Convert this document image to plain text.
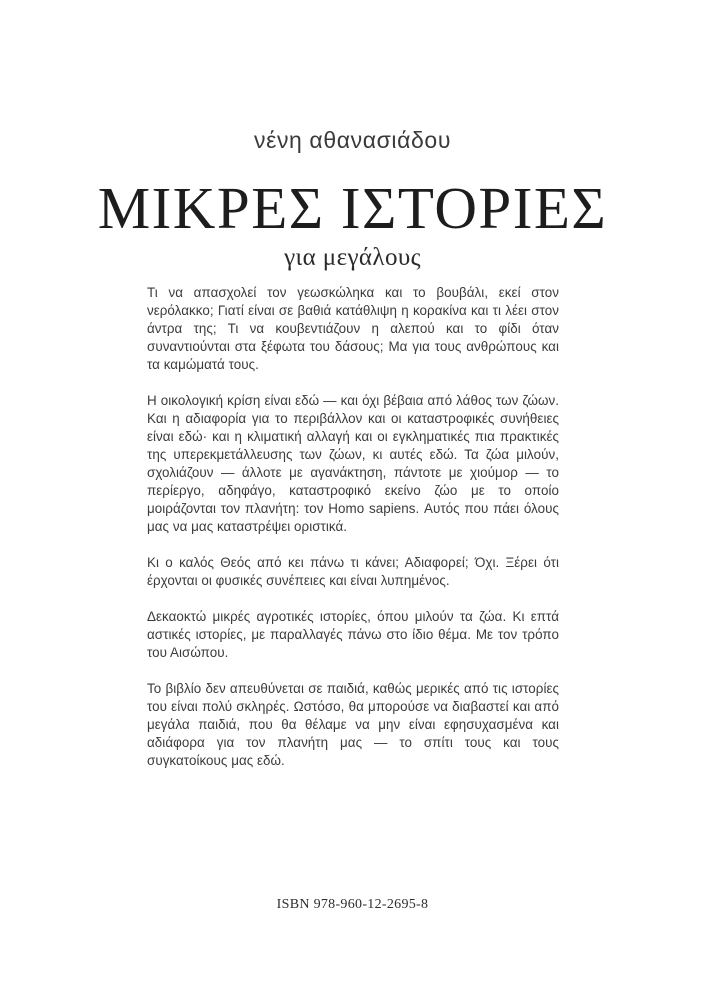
νένη αθανασιάδου
ΜΙΚΡΕΣ ΙΣΤΟΡΙΕΣ
για μεγάλους

Τι να απασχολεί τον γεωσκώληκα και το βουβάλι, εκεί στον νερόλακκο; Γιατί είναι σε βαθιά κατάθλιψη η κορακίνα και τι λέει στον άντρα της; Τι να κουβεντιάζουν η αλεπού και το φίδι όταν συναντιούνται στα ξέφωτα του δάσους; Μα για τους ανθρώπους και τα καμώματά τους.

Η οικολογική κρίση είναι εδώ — και όχι βέβαια από λάθος των ζώων. Και η αδιαφορία για το περιβάλλον και οι καταστροφικές συνήθειες είναι εδώ· και η κλιματική αλλαγή και οι εγκληματικές πια πρακτικές της υπερεκμετάλλευσης των ζώων, κι αυτές εδώ. Τα ζώα μιλούν, σχολιάζουν — άλλοτε με αγανάκτηση, πάντοτε με χιούμορ — το περίεργο, αδηφάγο, καταστροφικό εκείνο ζώο με το οποίο μοιράζονται τον πλανήτη: τον Homo sapiens. Αυτός που πάει όλους μας να μας καταστρέψει οριστικά.

Κι ο καλός Θεός από κει πάνω τι κάνει; Αδιαφορεί; Όχι. Ξέρει ότι έρχονται οι φυσικές συνέπειες και είναι λυπημένος.

Δεκαοκτώ μικρές αγροτικές ιστορίες, όπου μιλούν τα ζώα. Κι επτά αστικές ιστορίες, με παραλλαγές πάνω στο ίδιο θέμα. Με τον τρόπο του Αισώπου.

Το βιβλίο δεν απευθύνεται σε παιδιά, καθώς μερικές από τις ιστορίες του είναι πολύ σκληρές. Ωστόσο, θα μπορούσε να διαβαστεί και από μεγάλα παιδιά, που θα θέλαμε να μην είναι εφησυχασμένα και αδιάφορα για τον πλανήτη μας — το σπίτι τους και τους συγκατοίκους μας εδώ.

ISBN 978-960-12-2695-8
